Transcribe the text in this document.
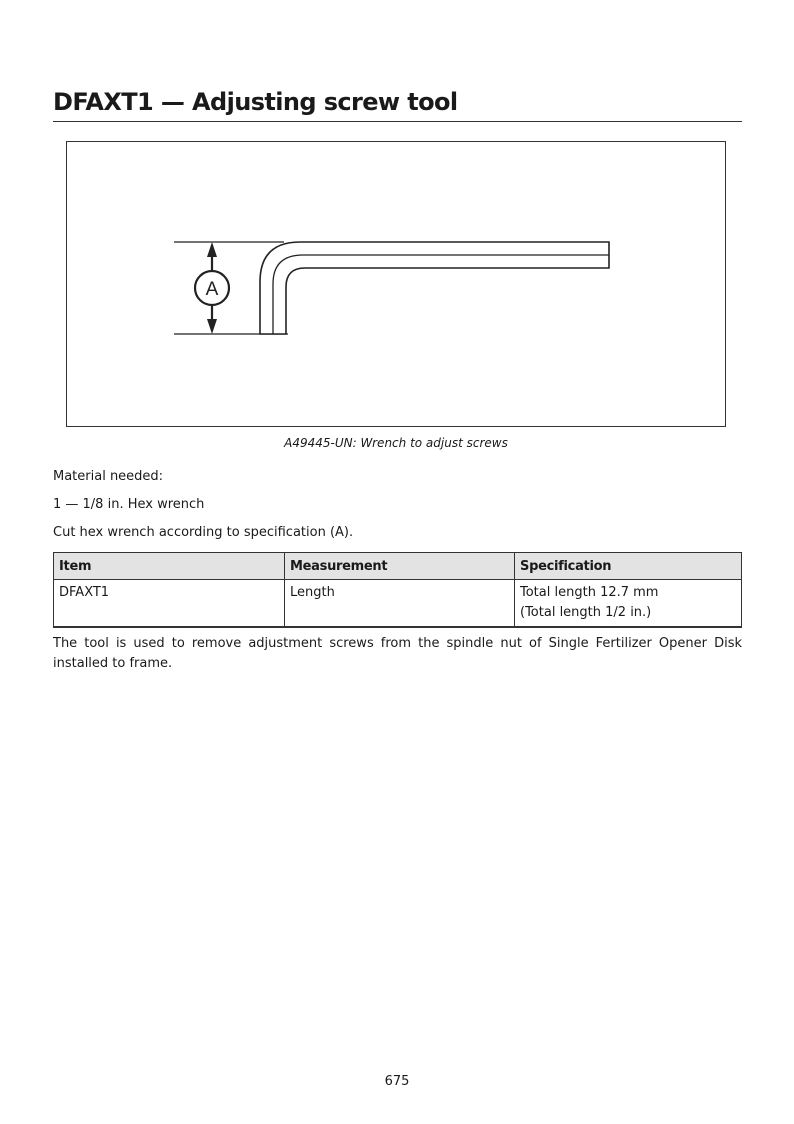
DFAXT1 — Adjusting screw tool
A
A49445-UN: Wrench to adjust screws

Material needed:

1 — 1/8 in. Hex wrench

Cut hex wrench according to specification (A).

Item	Measurement	Specification
DFAXT1	Length	Total length 12.7 mm
(Total length 1/2 in.)

The tool is used to remove adjustment screws from the spindle nut of Single Fertilizer Opener Disk installed to frame.

675
